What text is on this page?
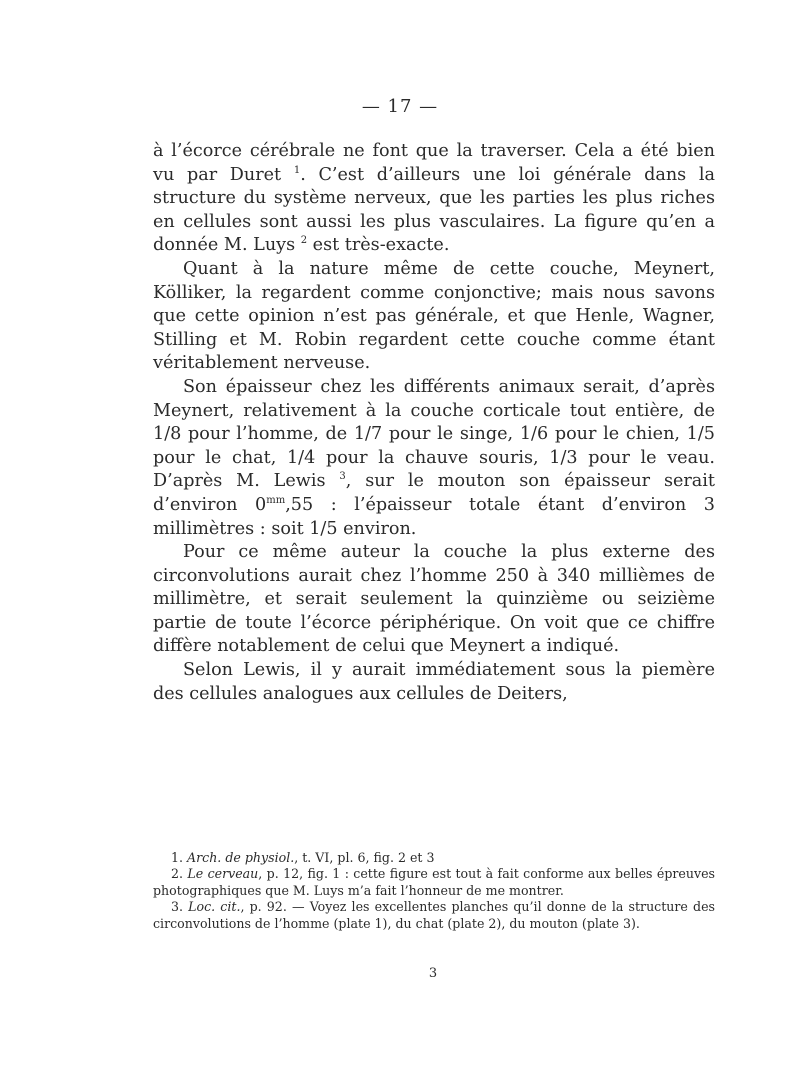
— 17 —

à l’écorce cérébrale ne font que la traverser. Cela a été bien vu par Duret $^1$. C’est d’ailleurs une loi générale dans la structure du système nerveux, que les parties les plus riches en cellules sont aussi les plus vasculaires. La figure qu’en a donnée M. Luys $^2$ est très-exacte.

Quant à la nature même de cette couche, Meynert, Kölliker, la regardent comme conjonctive; mais nous savons que cette opinion n’est pas générale, et que Henle, Wagner, Stilling et M. Robin regardent cette couche comme étant véritablement nerveuse.

Son épaisseur chez les différents animaux serait, d’après Meynert, relativement à la couche corticale tout entière, de 1/8 pour l’homme, de 1/7 pour le singe, 1/6 pour le chien, 1/5 pour le chat, 1/4 pour la chauve souris, 1/3 pour le veau. D’après M. Lewis $^3$, sur le mouton son épaisseur serait d’environ $0^{mm},55$ : l’épaisseur totale étant d’environ 3 millimètres : soit 1/5 environ.

Pour ce même auteur la couche la plus externe des circonvolutions aurait chez l’homme 250 à 340 millièmes de millimètre, et serait seulement la quinzième ou seizième partie de toute l’écorce périphérique. On voit que ce chiffre diffère notablement de celui que Meynert a indiqué.

Selon Lewis, il y aurait immédiatement sous la piemère des cellules analogues aux cellules de Deiters,

1. Arch. de physiol., t. VI, pl. 6, fig. 2 et 3

2. Le cerveau, p. 12, fig. 1 : cette figure est tout à fait conforme aux belles épreuves photographiques que M. Luys m’a fait l’honneur de me montrer.

3. Loc. cit., p. 92. — Voyez les excellentes planches qu’il donne de la structure des circonvolutions de l’homme (plate 1), du chat (plate 2), du mouton (plate 3).

3
